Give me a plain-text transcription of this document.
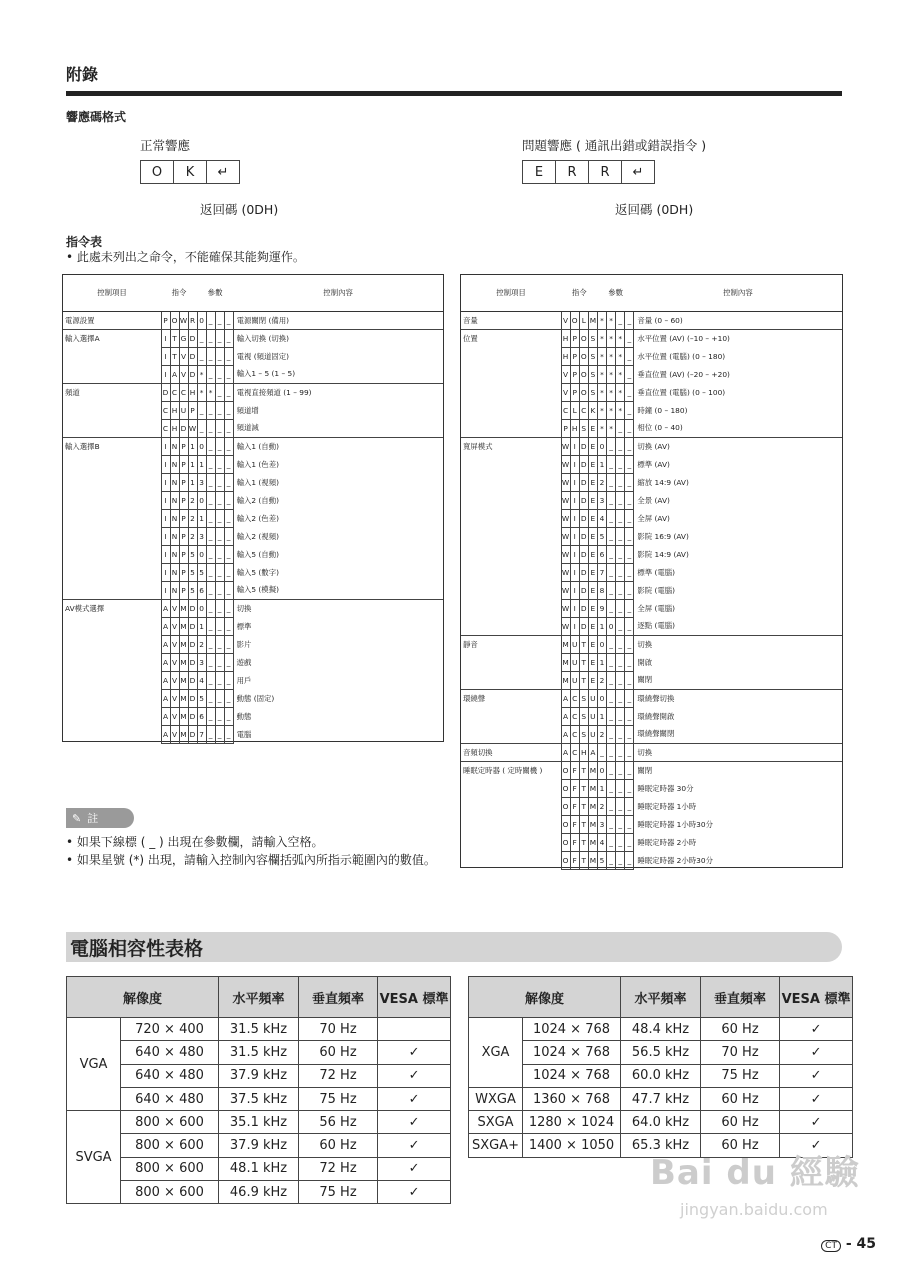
附錄
響應碼格式
正常響應
O	K	↵
返回碼 (0DH)
問題響應 ( 通訊出錯或錯誤指令 )
E	R	R	↵
返回碼 (0DH)
指令表
• 此處未列出之命令，不能確保其能夠運作。
控制項目	指令				參數				控制內容
電源設置	P	O	W	R	0	_	_	_	電源關閉 (備用)
輸入選擇A	I	T	G	D	_	_	_	_	輸入切換 (切換)
	I	T	V	D	_	_	_	_	電視 (頻道固定)
	I	A	V	D	*	_	_	_	輸入1 – 5 (1 – 5)
頻道	D	C	C	H	*	*	_	_	電視直接頻道 (1 – 99)
	C	H	U	P	_	_	_	_	頻道增
	C	H	D	W	_	_	_	_	頻道減
輸入選擇B	I	N	P	1	0	_	_	_	輸入1 (自動)
	I	N	P	1	1	_	_	_	輸入1 (色差)
	I	N	P	1	3	_	_	_	輸入1 (視頻)
	I	N	P	2	0	_	_	_	輸入2 (自動)
	I	N	P	2	1	_	_	_	輸入2 (色差)
	I	N	P	2	3	_	_	_	輸入2 (視頻)
	I	N	P	5	0	_	_	_	輸入5 (自動)
	I	N	P	5	5	_	_	_	輸入5 (數字)
	I	N	P	5	6	_	_	_	輸入5 (模擬)
AV模式選擇	A	V	M	D	0	_	_	_	切換
	A	V	M	D	1	_	_	_	標準
	A	V	M	D	2	_	_	_	影片
	A	V	M	D	3	_	_	_	遊戲
	A	V	M	D	4	_	_	_	用戶
	A	V	M	D	5	_	_	_	動態 (固定)
	A	V	M	D	6	_	_	_	動態
	A	V	M	D	7	_	_	_	電腦
控制項目	指令				參數				控制內容
音量	V	O	L	M	*	*	_	_	音量 (0 – 60)
位置	H	P	O	S	*	*	*	_	水平位置 (AV) (–10 – +10)
	H	P	O	S	*	*	*	_	水平位置 (電腦) (0 – 180)
	V	P	O	S	*	*	*	_	垂直位置 (AV) (–20 – +20)
	V	P	O	S	*	*	*	_	垂直位置 (電腦) (0 – 100)
	C	L	C	K	*	*	*	_	時鐘 (0 – 180)
	P	H	S	E	*	*	_	_	相位 (0 – 40)
寬屏模式	W	I	D	E	0	_	_	_	切換 (AV)
	W	I	D	E	1	_	_	_	標準 (AV)
	W	I	D	E	2	_	_	_	縮放 14:9 (AV)
	W	I	D	E	3	_	_	_	全景 (AV)
	W	I	D	E	4	_	_	_	全屏 (AV)
	W	I	D	E	5	_	_	_	影院 16:9 (AV)
	W	I	D	E	6	_	_	_	影院 14:9 (AV)
	W	I	D	E	7	_	_	_	標準 (電腦)
	W	I	D	E	8	_	_	_	影院 (電腦)
	W	I	D	E	9	_	_	_	全屏 (電腦)
	W	I	D	E	1	0	_	_	逐點 (電腦)
靜音	M	U	T	E	0	_	_	_	切換
	M	U	T	E	1	_	_	_	開啟
	M	U	T	E	2	_	_	_	關閉
環繞聲	A	C	S	U	0	_	_	_	環繞聲切換
	A	C	S	U	1	_	_	_	環繞聲開啟
	A	C	S	U	2	_	_	_	環繞聲關閉
音頻切換	A	C	H	A	_	_	_	_	切換
睡眠定時器 ( 定時關機 )	O	F	T	M	0	_	_	_	關閉
	O	F	T	M	1	_	_	_	睡眠定時器 30分
	O	F	T	M	2	_	_	_	睡眠定時器 1小時
	O	F	T	M	3	_	_	_	睡眠定時器 1小時30分
	O	F	T	M	4	_	_	_	睡眠定時器 2小時
	O	F	T	M	5	_	_	_	睡眠定時器 2小時30分
✎ 註
• 如果下線標 ( _ ) 出現在參數欄，請輸入空格。
• 如果星號 (*) 出現，請輸入控制內容欄括弧內所指示範圍內的數值。
電腦相容性表格
解像度		水平頻率	垂直頻率	VESA 標準
VGA	720 × 400	31.5 kHz	70 Hz	
	640 × 480	31.5 kHz	60 Hz	✓
	640 × 480	37.9 kHz	72 Hz	✓
	640 × 480	37.5 kHz	75 Hz	✓
SVGA	800 × 600	35.1 kHz	56 Hz	✓
	800 × 600	37.9 kHz	60 Hz	✓
	800 × 600	48.1 kHz	72 Hz	✓
	800 × 600	46.9 kHz	75 Hz	✓
解像度		水平頻率	垂直頻率	VESA 標準
XGA	1024 × 768	48.4 kHz	60 Hz	✓
	1024 × 768	56.5 kHz	70 Hz	✓
	1024 × 768	60.0 kHz	75 Hz	✓
WXGA	1360 × 768	47.7 kHz	60 Hz	✓
SXGA	1280 × 1024	64.0 kHz	60 Hz	✓
SXGA+	1400 × 1050	65.3 kHz	60 Hz	✓
Bai du 經驗
jingyan.baidu.com
CT - 45
